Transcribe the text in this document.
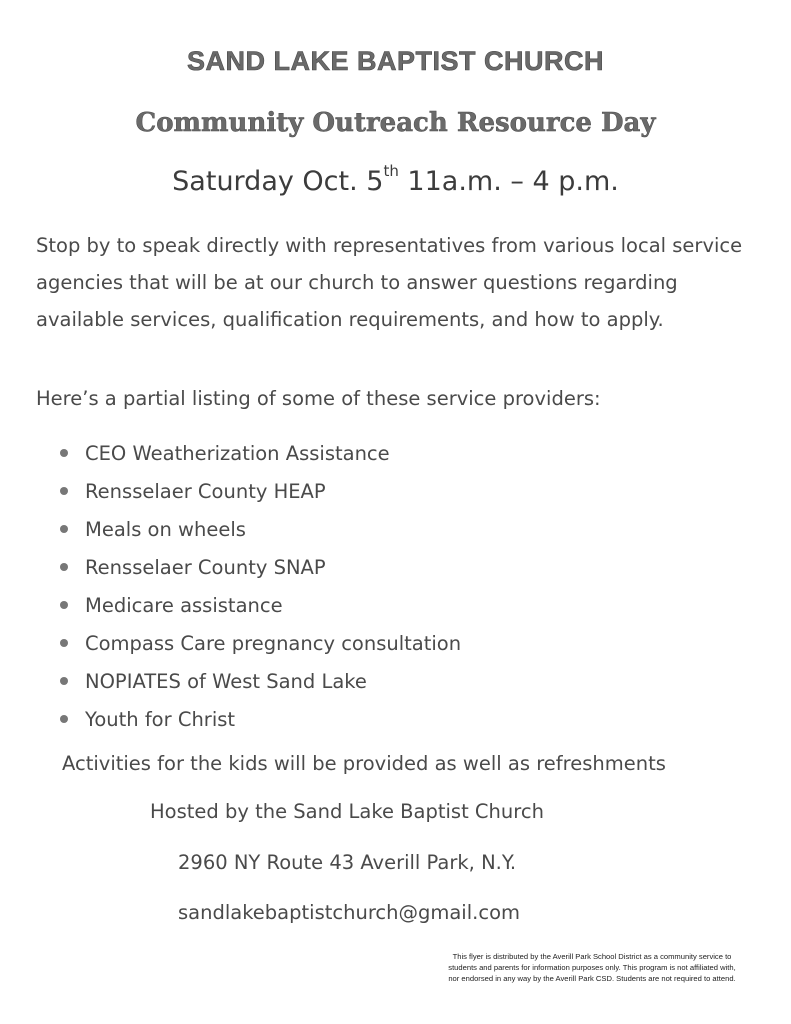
SAND LAKE BAPTIST CHURCH
Community Outreach Resource Day
Saturday Oct. 5th 11a.m. – 4 p.m.
Stop by to speak directly with representatives from various local service agencies that will be at our church to answer questions regarding available services, qualification requirements, and how to apply.
Here’s a partial listing of some of these service providers:
CEO Weatherization Assistance
Rensselaer County HEAP
Meals on wheels
Rensselaer County SNAP
Medicare assistance
Compass Care pregnancy consultation
NOPIATES of West Sand Lake
Youth for Christ
Activities for the kids will be provided as well as refreshments
Hosted by the Sand Lake Baptist Church
2960 NY Route 43 Averill Park, N.Y.
sandlakebaptistchurch@gmail.com
This flyer is distributed by the Averill Park School District as a community service to students and parents for information purposes only. This program is not affiliated with, nor endorsed in any way by the Averill Park CSD. Students are not required to attend.
